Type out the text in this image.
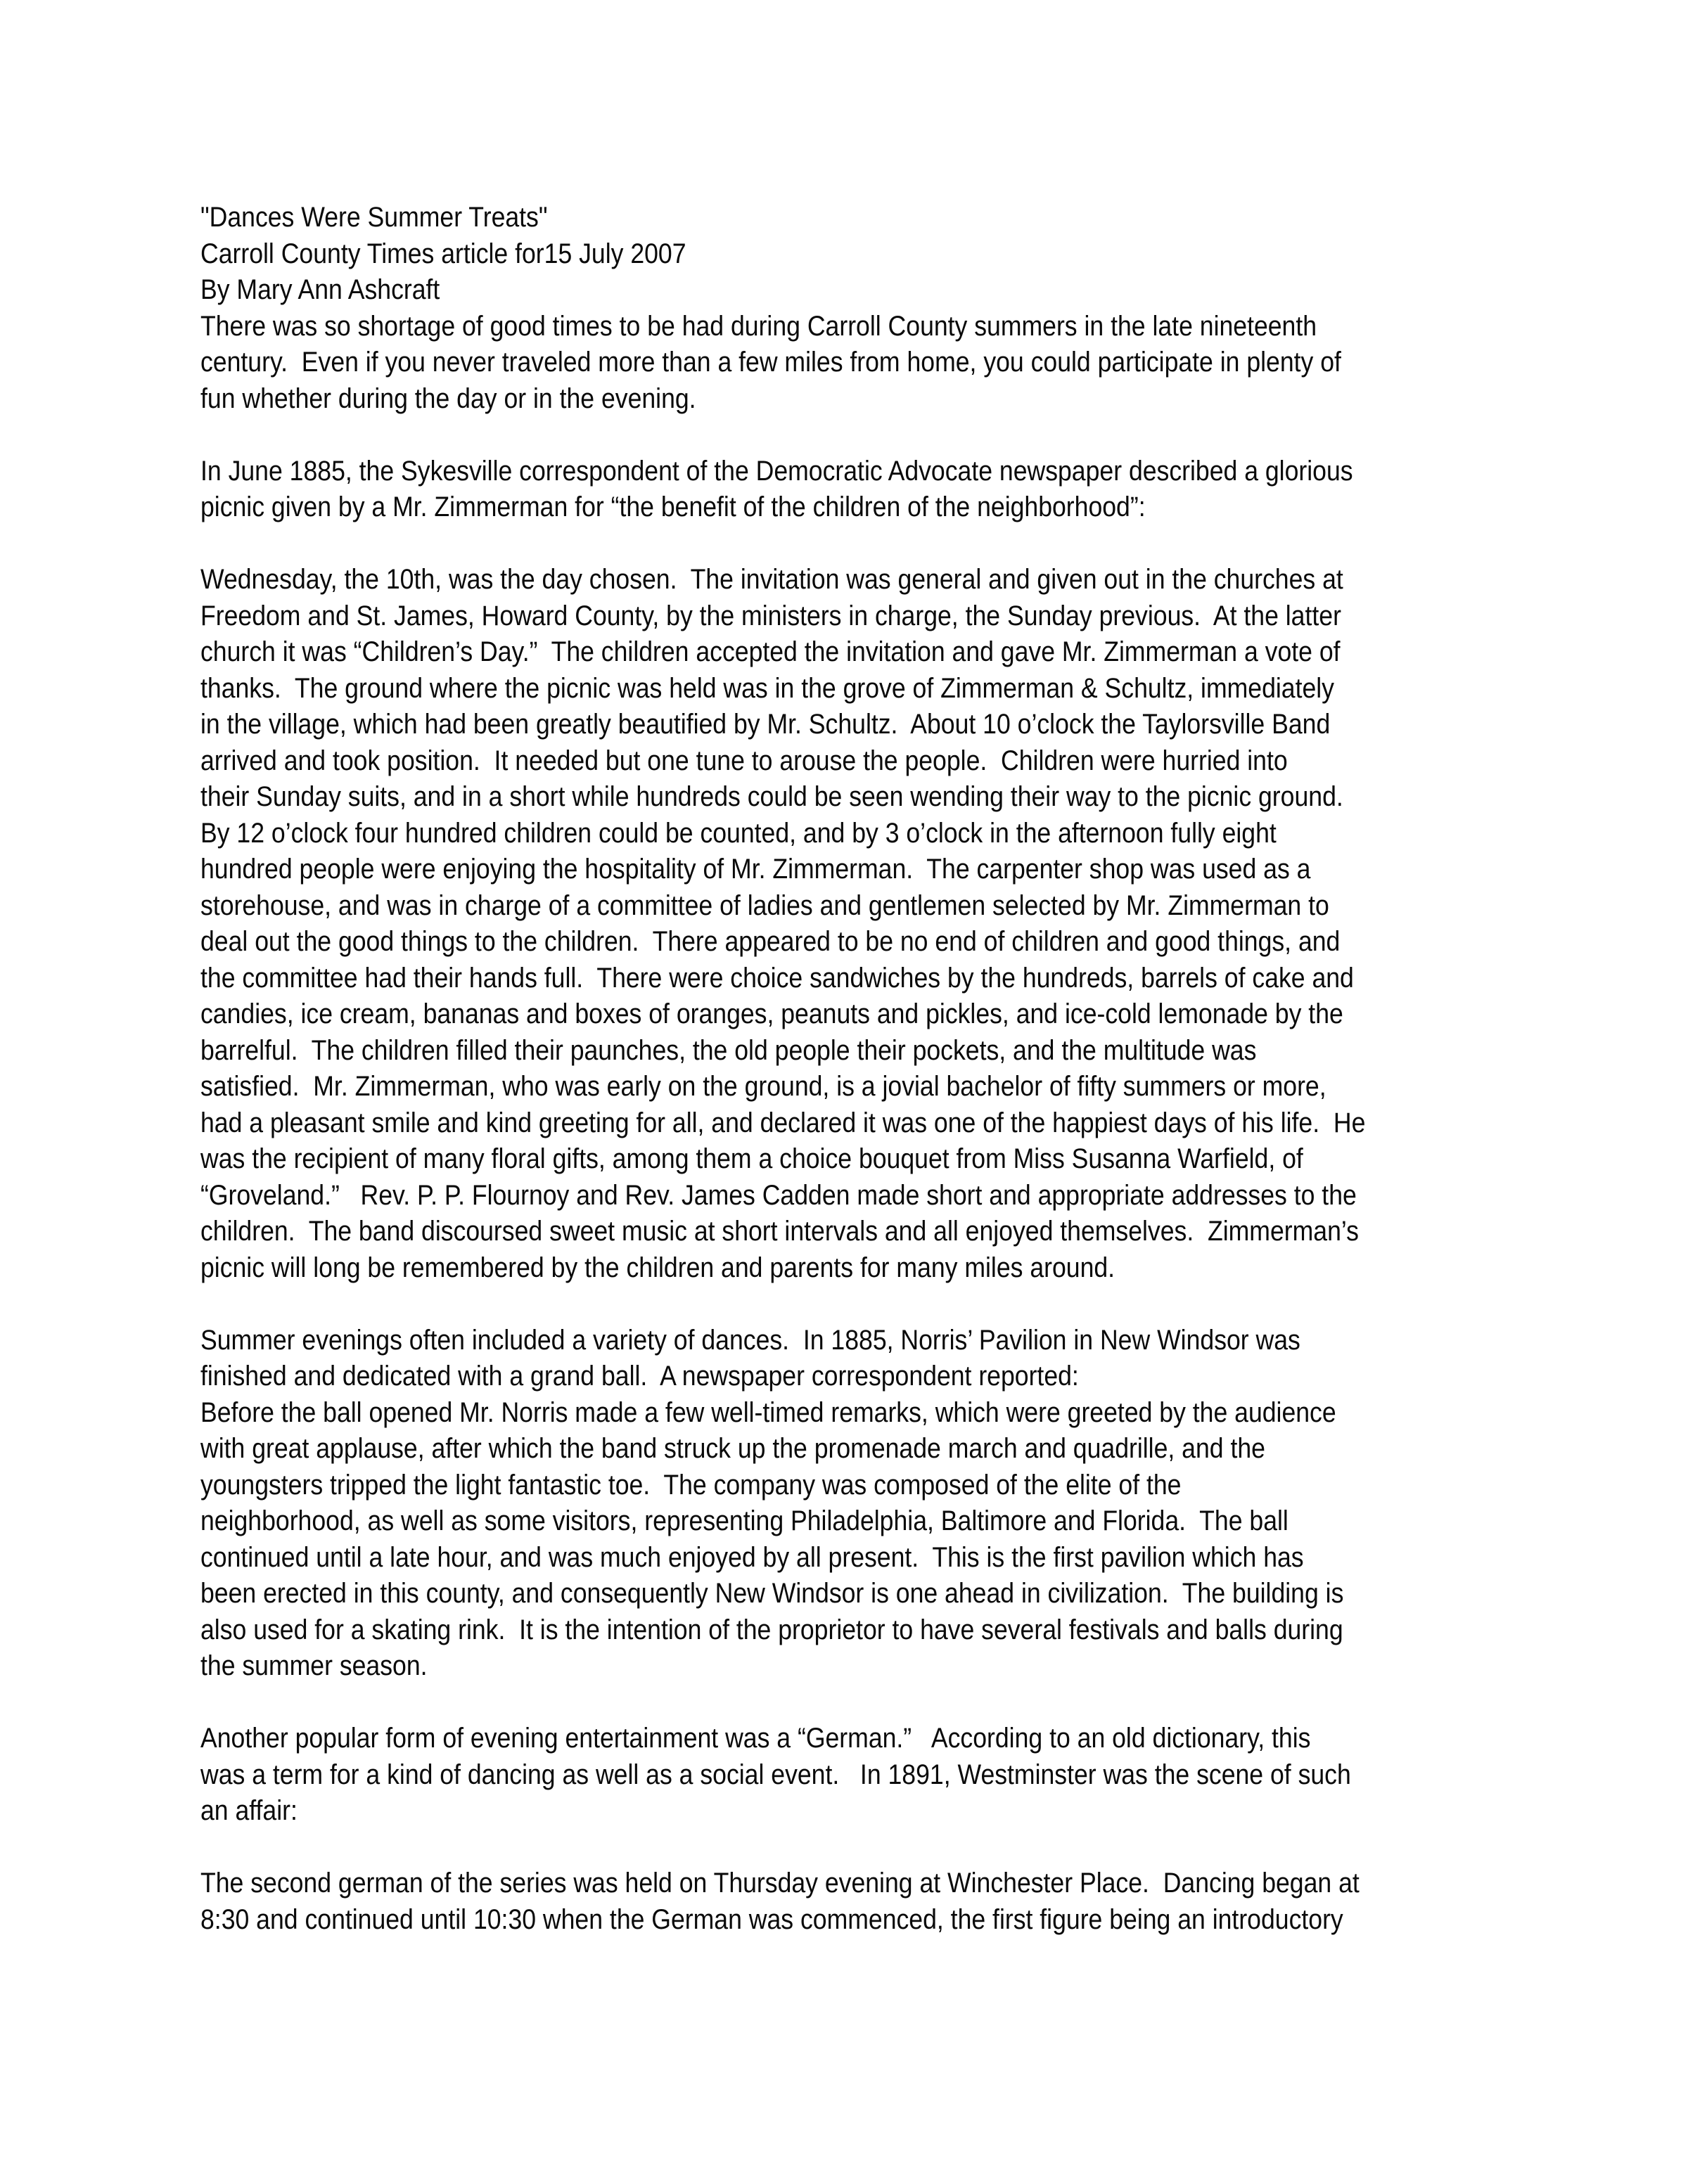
"Dances Were Summer Treats"
Carroll County Times article for15 July 2007
By Mary Ann Ashcraft
There was so shortage of good times to be had during Carroll County summers in the late nineteenth
century.  Even if you never traveled more than a few miles from home, you could participate in plenty of
fun whether during the day or in the evening.
In June 1885, the Sykesville correspondent of the Democratic Advocate newspaper described a glorious
picnic given by a Mr. Zimmerman for “the benefit of the children of the neighborhood”:
Wednesday, the 10th, was the day chosen.  The invitation was general and given out in the churches at
Freedom and St. James, Howard County, by the ministers in charge, the Sunday previous.  At the latter
church it was “Children’s Day.”  The children accepted the invitation and gave Mr. Zimmerman a vote of
thanks.  The ground where the picnic was held was in the grove of Zimmerman & Schultz, immediately
in the village, which had been greatly beautified by Mr. Schultz.  About 10 o’clock the Taylorsville Band
arrived and took position.  It needed but one tune to arouse the people.  Children were hurried into
their Sunday suits, and in a short while hundreds could be seen wending their way to the picnic ground.
By 12 o’clock four hundred children could be counted, and by 3 o’clock in the afternoon fully eight
hundred people were enjoying the hospitality of Mr. Zimmerman.  The carpenter shop was used as a
storehouse, and was in charge of a committee of ladies and gentlemen selected by Mr. Zimmerman to
deal out the good things to the children.  There appeared to be no end of children and good things, and
the committee had their hands full.  There were choice sandwiches by the hundreds, barrels of cake and
candies, ice cream, bananas and boxes of oranges, peanuts and pickles, and ice-cold lemonade by the
barrelful.  The children filled their paunches, the old people their pockets, and the multitude was
satisfied.  Mr. Zimmerman, who was early on the ground, is a jovial bachelor of fifty summers or more,
had a pleasant smile and kind greeting for all, and declared it was one of the happiest days of his life.  He
was the recipient of many floral gifts, among them a choice bouquet from Miss Susanna Warfield, of
“Groveland.”   Rev. P. P. Flournoy and Rev. James Cadden made short and appropriate addresses to the
children.  The band discoursed sweet music at short intervals and all enjoyed themselves.  Zimmerman’s
picnic will long be remembered by the children and parents for many miles around.
Summer evenings often included a variety of dances.  In 1885, Norris’ Pavilion in New Windsor was
finished and dedicated with a grand ball.  A newspaper correspondent reported:
Before the ball opened Mr. Norris made a few well-timed remarks, which were greeted by the audience
with great applause, after which the band struck up the promenade march and quadrille, and the
youngsters tripped the light fantastic toe.  The company was composed of the elite of the
neighborhood, as well as some visitors, representing Philadelphia, Baltimore and Florida.  The ball
continued until a late hour, and was much enjoyed by all present.  This is the first pavilion which has
been erected in this county, and consequently New Windsor is one ahead in civilization.  The building is
also used for a skating rink.  It is the intention of the proprietor to have several festivals and balls during
the summer season.
Another popular form of evening entertainment was a “German.”   According to an old dictionary, this
was a term for a kind of dancing as well as a social event.   In 1891, Westminster was the scene of such
an affair:
The second german of the series was held on Thursday evening at Winchester Place.  Dancing began at
8:30 and continued until 10:30 when the German was commenced, the first figure being an introductory
